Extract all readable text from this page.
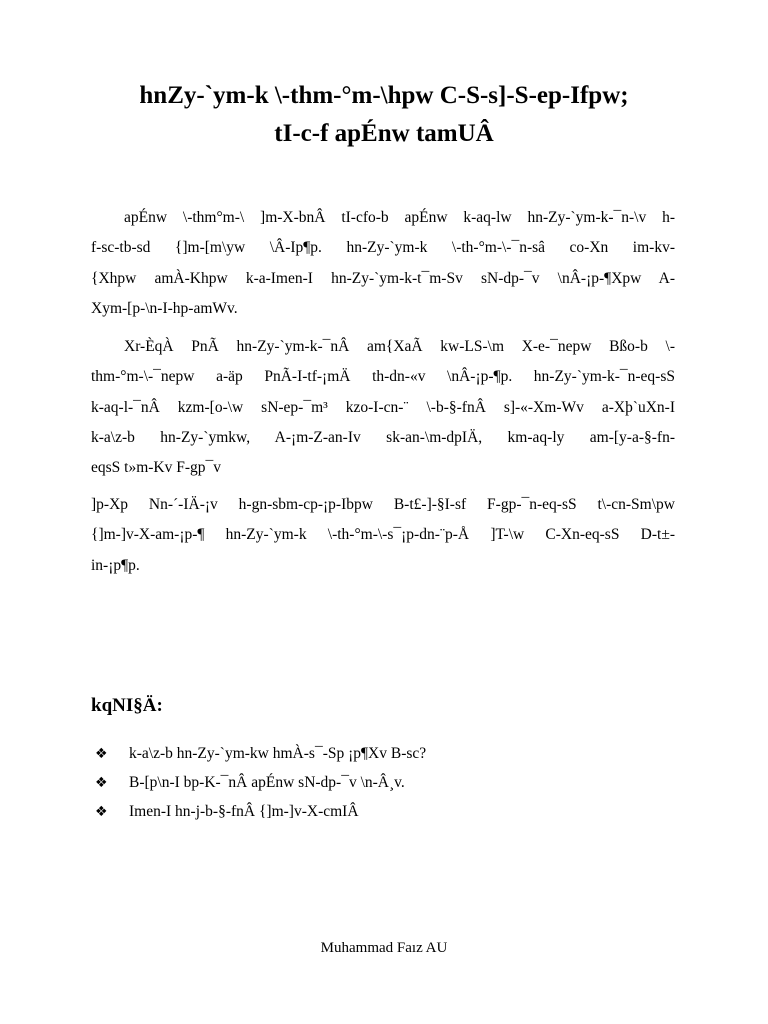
hnZy-`ym-k \-thm-°m-\hpw C-S-s]-S-ep-Ifpw;
tI-c-f apÉnw tamUÂ
apÉnw \-thm°m-\ ]m-X-bnÂ tI-cfo-b apÉnw k-aq-lw hn-Zy-`ym-k-¯n-\v h-
f-sc-tb-sd {]m-[m\yw \Â-Ip¶p. hn-Zy-`ym-k \-th-°m-\-¯n-sâ co-Xn im-kv-
{Xhpw amÀ-Khpw k-a-Imen-I hn-Zy-`ym-k-t¯m-Sv sN-dp-¯v \nÂ-¡p-¶Xpw A-
Xym-[p-\n-I-hp-amWv.
Xr-ÈqÀ PnÃ hn-Zy-`ym-k-¯nÂ am{XaÃ kw-LS-\m X-e-¯nepw Bßo-b \-
thm-°m-\-¯nepw a-äp PnÃ-I-tf-¡mÄ th-dn-«v \nÂ-¡p-¶p. hn-Zy-`ym-k-¯n-eq-sS
k-aq-l-¯nÂ kzm-[o-\w sN-ep-¯m³ kzo-I-cn-¨ \-b-§-fnÂ s]-«-Xm-Wv a-Xþ`uXn-I
k-a\z-b hn-Zy-`ymkw, A-¡m-Z-an-Iv sk-an-\m-dpIÄ, km-aq-ly am-[y-a-§-fn-
eqsS t»m-Kv F-gp¯v
]p-Xp Nn-´-IÄ-¡v h-gn-sbm-cp-¡p-Ibpw B-t£-]-§I-sf F-gp-¯n-eq-sS t\-cn-Sm\pw
{]m-]v-X-am-¡p-¶ hn-Zy-`ym-k \-th-°m-\-s¯¡p-dn-¨p-Å ]T-\w C-Xn-eq-sS D-t±-
in-¡p¶p.
kqNI§Ä:
❖ k-a\z-b hn-Zy-`ym-kw hmÀ-s¯-Sp ¡p¶Xv B-sc?
❖ B-[p\n-I bp-K-¯nÂ apÉnw sN-dp-¯v \n-Â¸v.
❖ Imen-I hn-j-b-§-fnÂ {]m-]v-X-cmIÂ
Muhammad Faız AU
